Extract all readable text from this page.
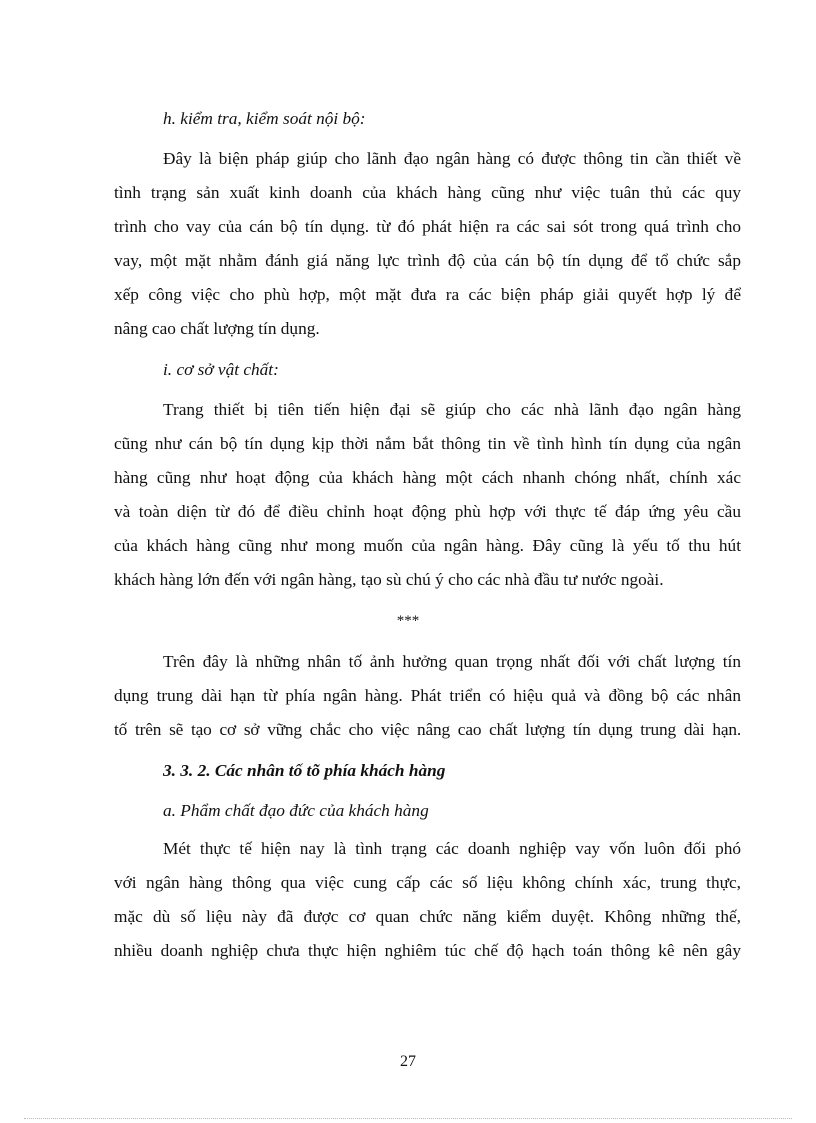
h. kiểm tra, kiểm soát nội bộ:
Đây là biện pháp giúp cho lãnh đạo ngân hàng có được thông tin cần thiết về
tình trạng sản xuất kinh doanh của khách hàng cũng như việc tuân thủ các quy
trình cho vay của cán bộ tín dụng. từ đó phát hiện ra các sai sót trong quá trình cho
vay, một mặt nhằm đánh giá năng lực trình độ của cán bộ tín dụng để tổ chức sắp
xếp công việc cho phù hợp, một mặt đưa ra các biện pháp giải quyết hợp lý để
nâng cao chất lượng tín dụng.
i. cơ sở vật chất:
Trang thiết bị tiên tiến hiện đại sẽ giúp cho các nhà lãnh đạo ngân hàng
cũng như cán bộ tín dụng kịp thời nắm bắt thông tin về tình hình tín dụng của ngân
hàng cũng như hoạt động của khách hàng một cách nhanh chóng nhất, chính xác
và toàn diện từ đó để điều chỉnh hoạt động phù hợp với thực tế đáp ứng yêu cầu
của khách hàng cũng như mong muốn của ngân hàng. Đây cũng là yếu tố thu hút
khách hàng lớn đến với ngân hàng, tạo sù chú ý cho các nhà đầu tư nước ngoài.
***
Trên đây là những nhân tố ảnh hưởng quan trọng nhất đối với chất lượng tín
dụng trung dài hạn từ phía ngân hàng. Phát triển có hiệu quả và đồng bộ các nhân
tố trên sẽ tạo cơ sở vững chắc cho việc nâng cao chất lượng tín dụng trung dài hạn.
3. 3. 2. Các nhân tố tõ phía khách hàng
a. Phẩm chất đạo đức của khách hàng
Mét thực tế hiện nay là tình trạng các doanh nghiệp vay vốn luôn đối phó
với ngân hàng thông qua việc cung cấp các số liệu không chính xác, trung thực,
mặc dù số liệu này đã được cơ quan chức năng kiểm duyệt. Không những thế,
nhiều doanh nghiệp chưa thực hiện nghiêm túc chế độ hạch toán thông kê nên gây
27
